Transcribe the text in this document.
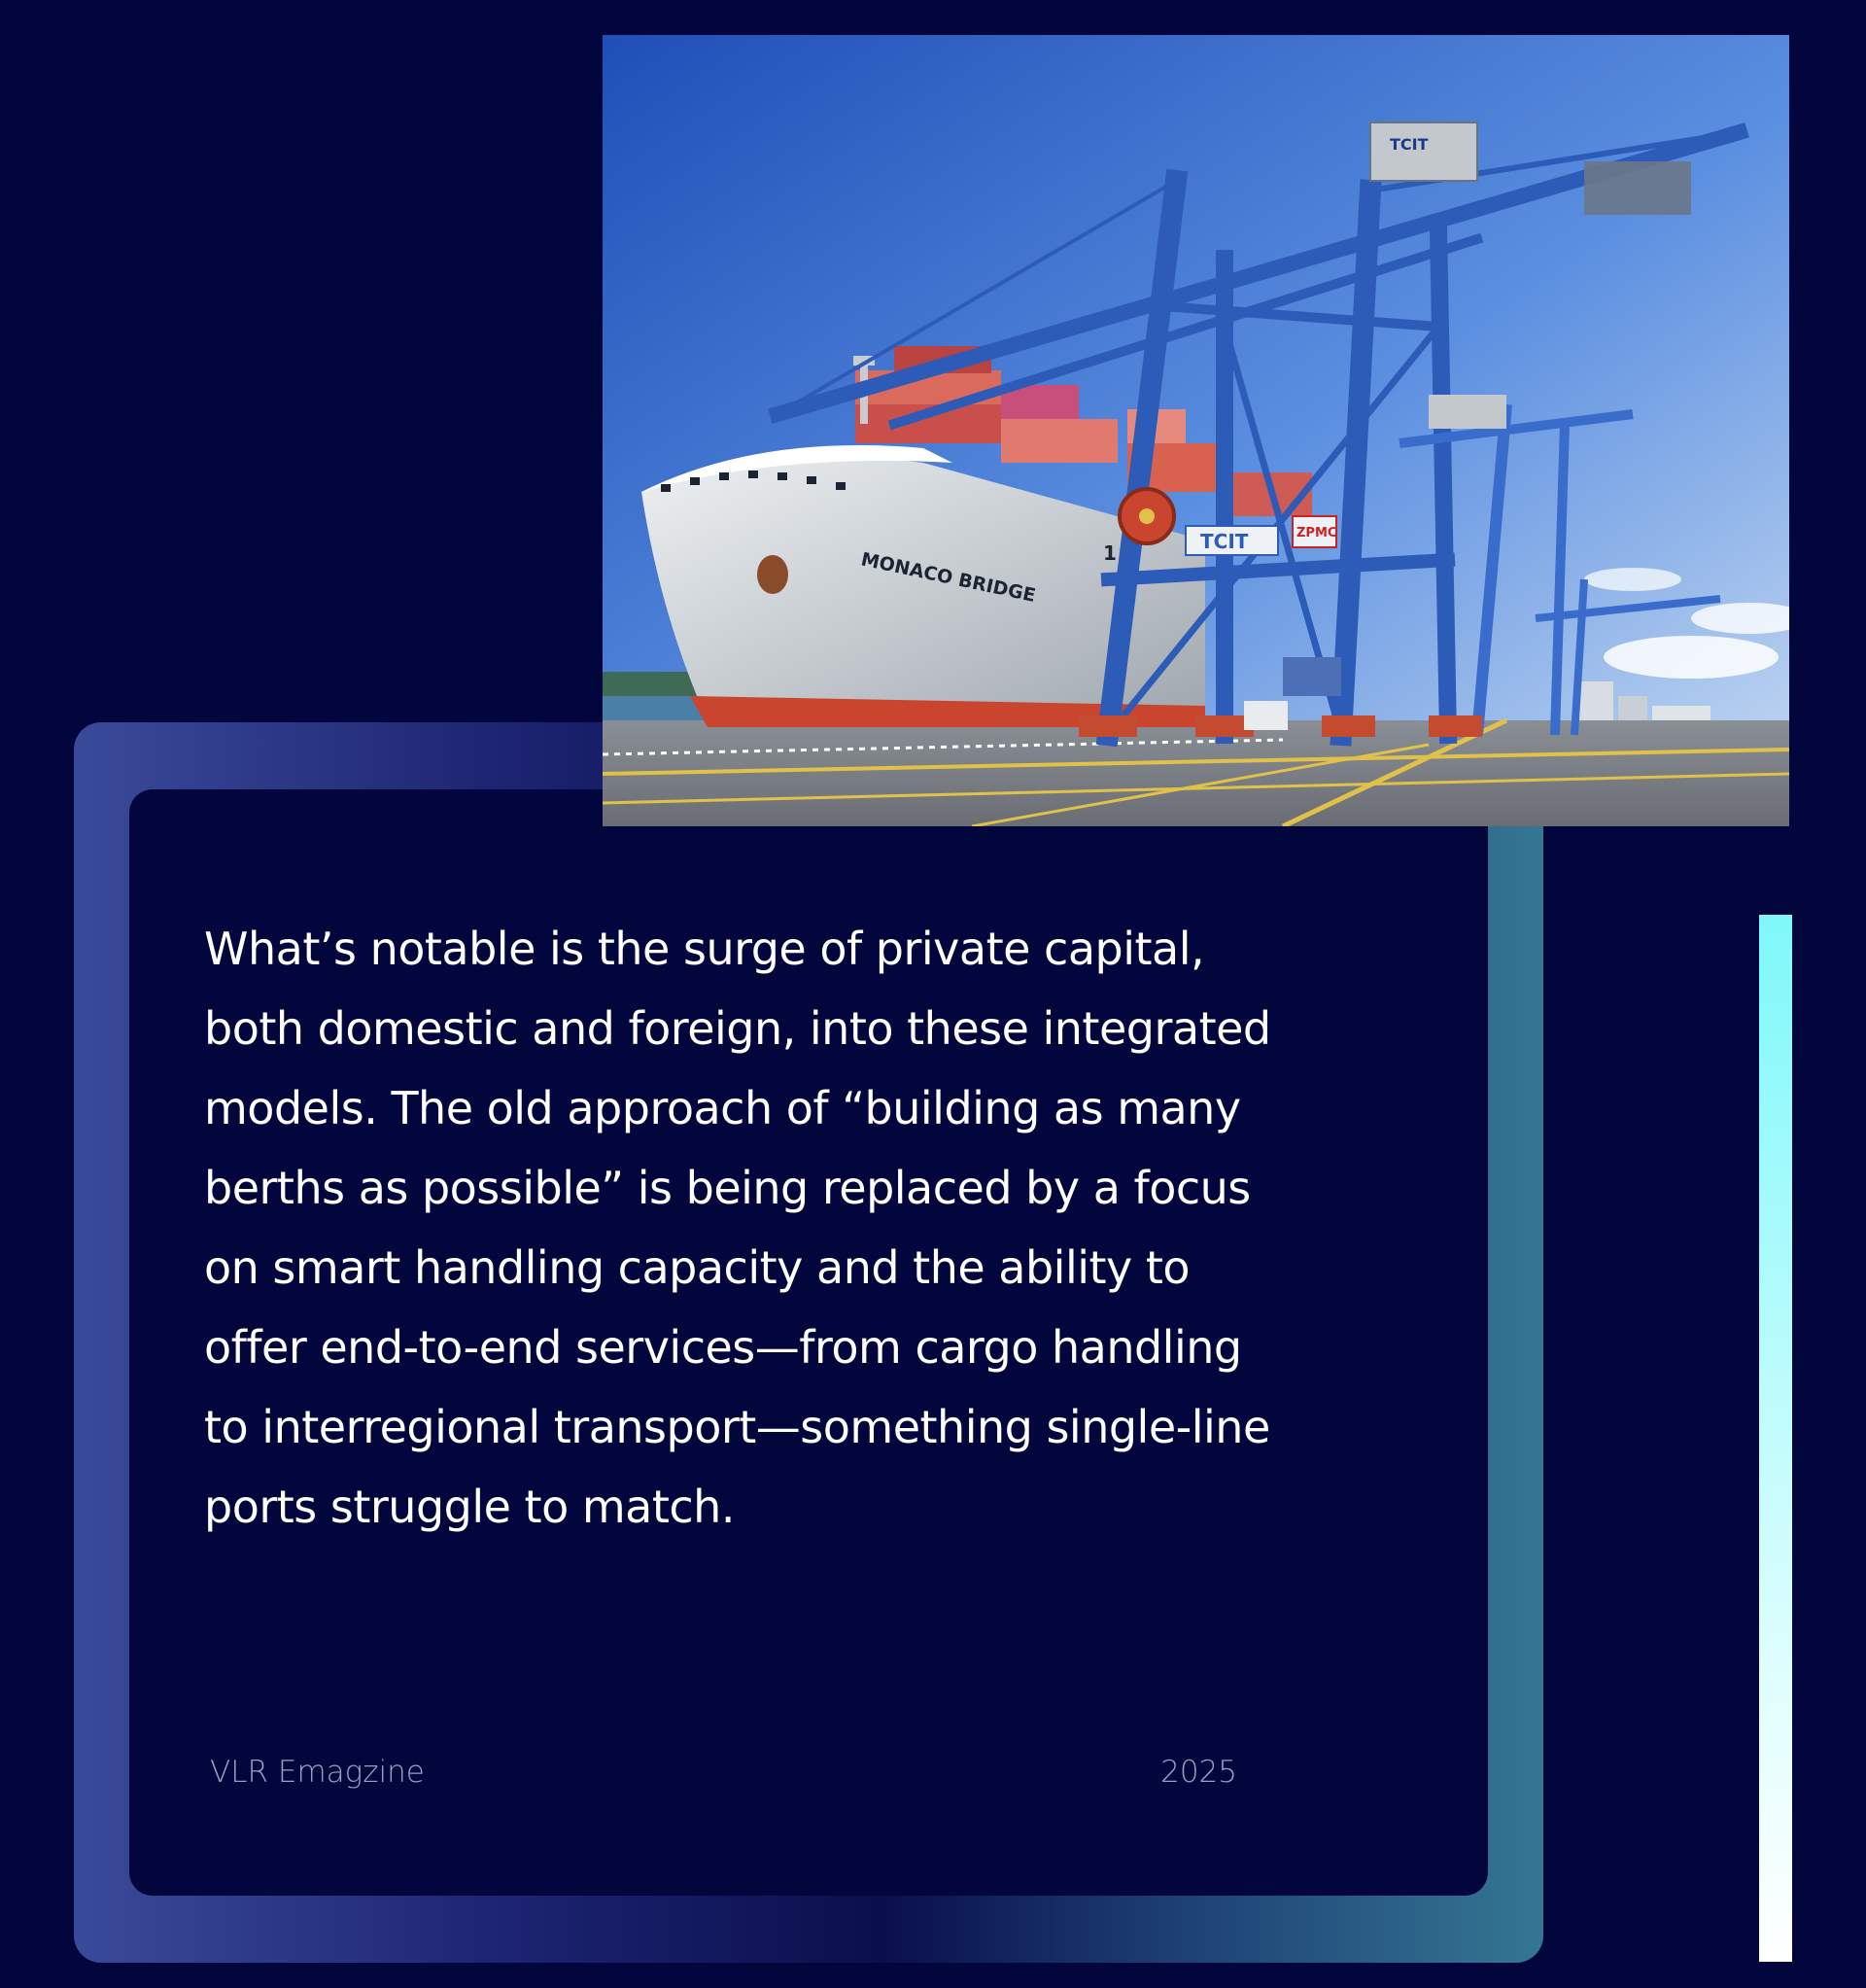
What’s notable is the surge of private capital, both domestic and foreign, into these integrated models. The old approach of “building as many berths as possible” is being replaced by a focus on smart handling capacity and the ability to offer end-to-end services—from cargo handling to interregional transport—something single-line ports struggle to match.

VLR Emagzine	2025
MONACO BRIDGE
TCIT
TCIT	ZPMC
1
